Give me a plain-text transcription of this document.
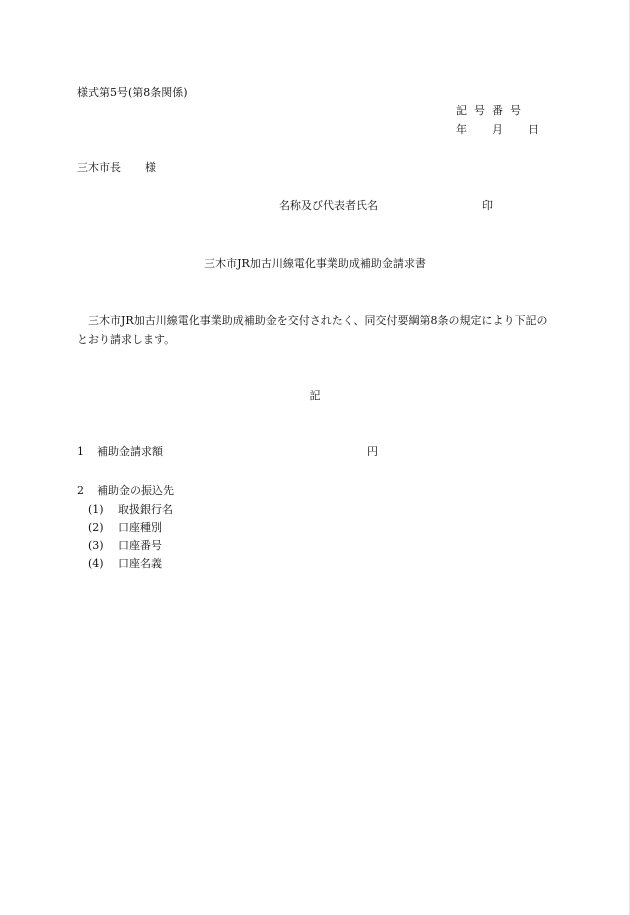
様式第5号(第8条関係)
記号番号
年 月 日
三木市長 様
名称及び代表者氏名	印
三木市JR加古川線電化事業助成補助金請求書
三木市JR加古川線電化事業助成補助金を交付されたく、同交付要綱第8条の規定により下記のとおり請求します。
記
1 補助金請求額	円
2 補助金の振込先
(1) 取扱銀行名
(2) 口座種別
(3) 口座番号
(4) 口座名義
